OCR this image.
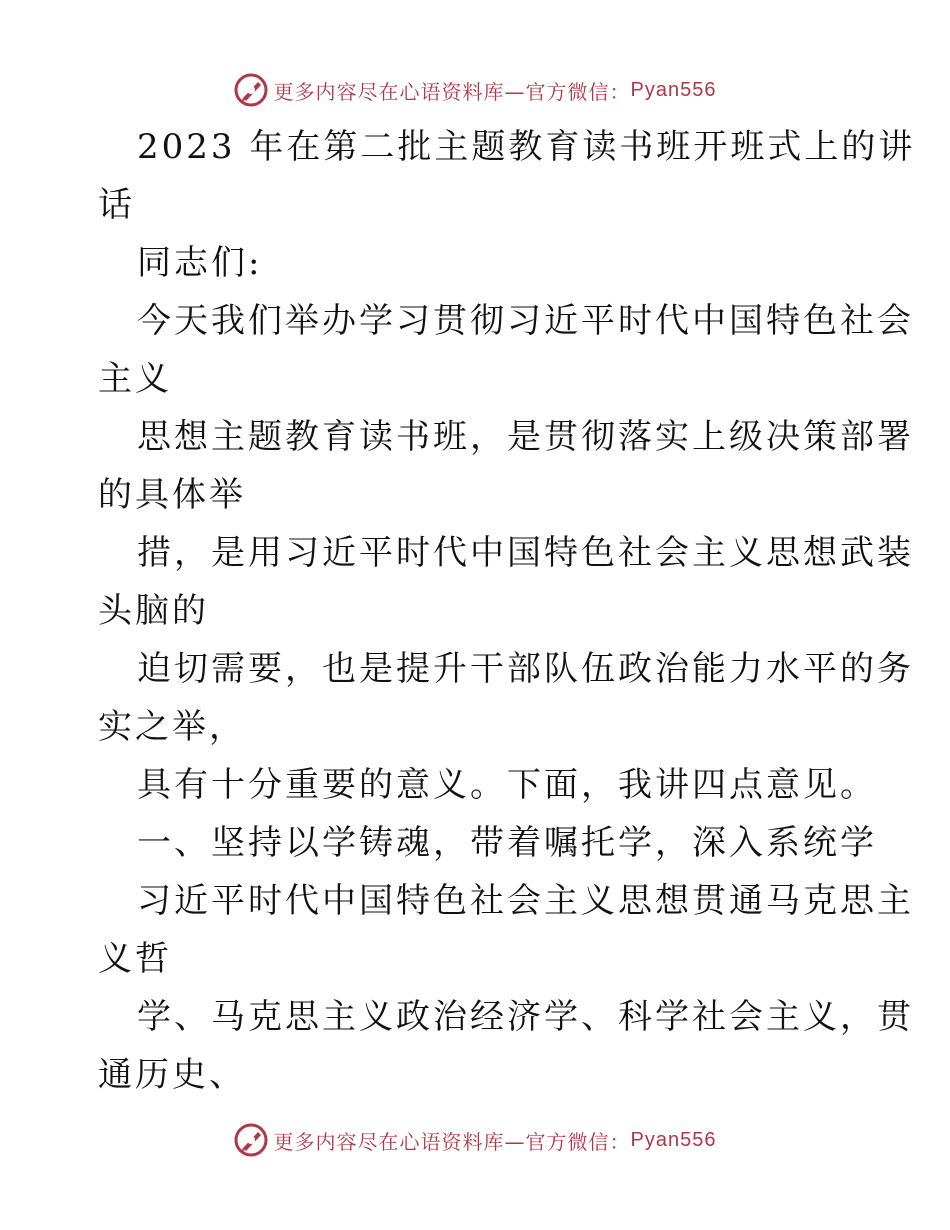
更多内容尽在心语资料库—官方微信： Pyan556
2023 年在第二批主题教育读书班开班式上的讲
话
同志们:
今天我们举办学习贯彻习近平时代中国特色社会
主义
思想主题教育读书班，是贯彻落实上级决策部署
的具体举
措，是用习近平时代中国特色社会主义思想武装
头脑的
迫切需要，也是提升干部队伍政治能力水平的务
实之举，
具有十分重要的意义。下面，我讲四点意见。
一、坚持以学铸魂，带着嘱托学，深入系统学
习近平时代中国特色社会主义思想贯通马克思主
义哲
学、马克思主义政治经济学、科学社会主义，贯
通历史、
更多内容尽在心语资料库—官方微信： Pyan556
